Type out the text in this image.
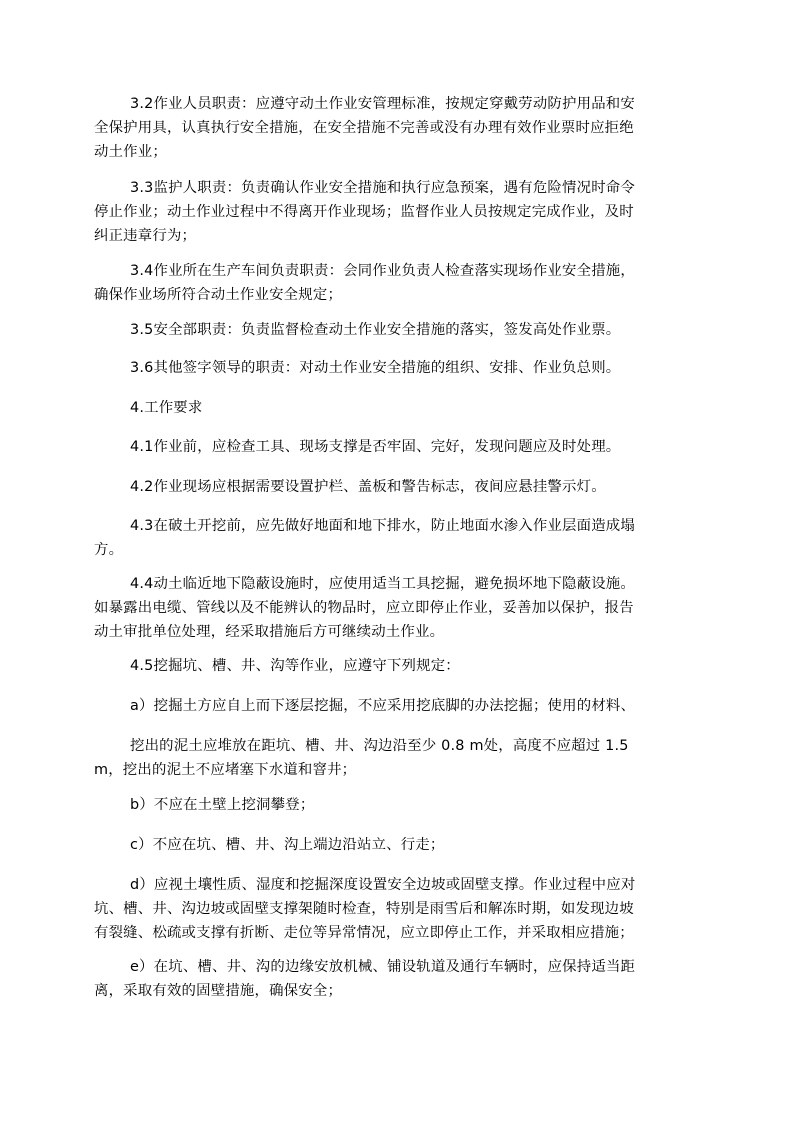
3.2作业人员职责：应遵守动土作业安管理标准，按规定穿戴劳动防护用品和安
全保护用具，认真执行安全措施，在安全措施不完善或没有办理有效作业票时应拒绝
动土作业；
3.3监护人职责：负责确认作业安全措施和执行应急预案，遇有危险情况时命令
停止作业；动土作业过程中不得离开作业现场；监督作业人员按规定完成作业，及时
纠正违章行为；
3.4作业所在生产车间负责职责：会同作业负责人检查落实现场作业安全措施，
确保作业场所符合动土作业安全规定；
3.5安全部职责：负责监督检查动土作业安全措施的落实，签发高处作业票。
3.6其他签字领导的职责：对动土作业安全措施的组织、安排、作业负总则。
4.工作要求
4.1作业前，应检查工具、现场支撑是否牢固、完好，发现问题应及时处理。
4.2作业现场应根据需要设置护栏、盖板和警告标志，夜间应悬挂警示灯。
4.3在破土开挖前，应先做好地面和地下排水，防止地面水渗入作业层面造成塌
方。
4.4动土临近地下隐蔽设施时，应使用适当工具挖掘，避免损坏地下隐蔽设施。
如暴露出电缆、管线以及不能辨认的物品时，应立即停止作业，妥善加以保护，报告
动土审批单位处理，经采取措施后方可继续动土作业。
4.5挖掘坑、槽、井、沟等作业，应遵守下列规定：
a）挖掘土方应自上而下逐层挖掘，不应采用挖底脚的办法挖掘；使用的材料、
挖出的泥土应堆放在距坑、槽、井、沟边沿至少 0.8 m处，高度不应超过 1.5
m，挖出的泥土不应堵塞下水道和窨井；
b）不应在土壁上挖洞攀登；
c）不应在坑、槽、井、沟上端边沿站立、行走；
d）应视土壤性质、湿度和挖掘深度设置安全边坡或固壁支撑。作业过程中应对
坑、槽、井、沟边坡或固壁支撑架随时检查，特别是雨雪后和解冻时期，如发现边坡
有裂缝、松疏或支撑有折断、走位等异常情况，应立即停止工作，并采取相应措施；
e）在坑、槽、井、沟的边缘安放机械、铺设轨道及通行车辆时，应保持适当距
离，采取有效的固壁措施，确保安全；
